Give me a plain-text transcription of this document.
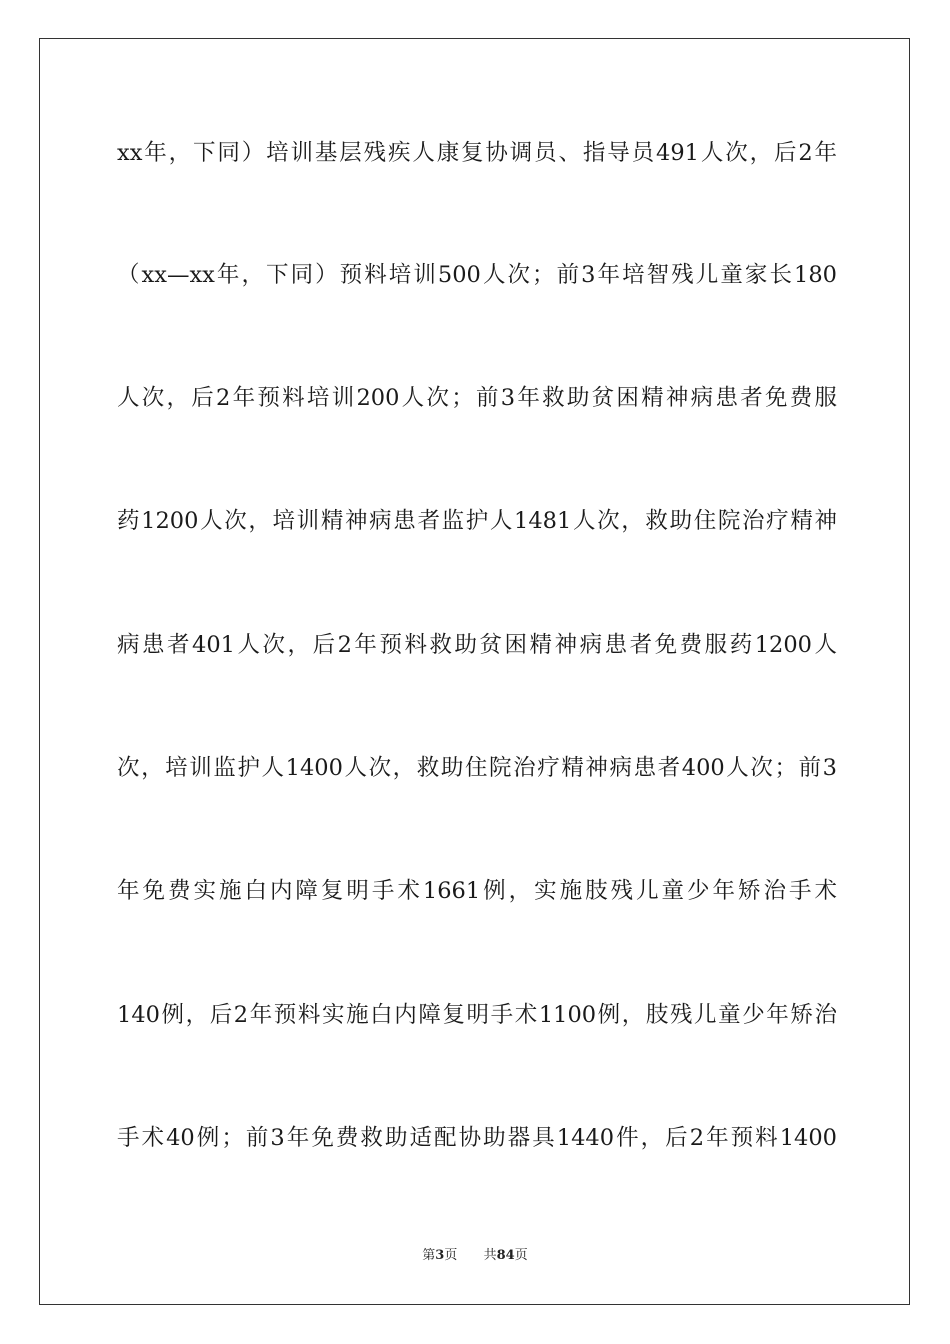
xx年，下同）培训基层残疾人康复协调员、指导员491人次，后2年
（xx—xx年，下同）预料培训500人次；前3年培智残儿童家长180
人次，后2年预料培训200人次；前3年救助贫困精神病患者免费服
药1200人次，培训精神病患者监护人1481人次，救助住院治疗精神
病患者401人次，后2年预料救助贫困精神病患者免费服药1200人
次，培训监护人1400人次，救助住院治疗精神病患者400人次；前3
年免费实施白内障复明手术1661例，实施肢残儿童少年矫治手术
140例，后2年预料实施白内障复明手术1100例，肢残儿童少年矫治
手术40例；前3年免费救助适配协助器具1440件，后2年预料1400
第3页 共84页
